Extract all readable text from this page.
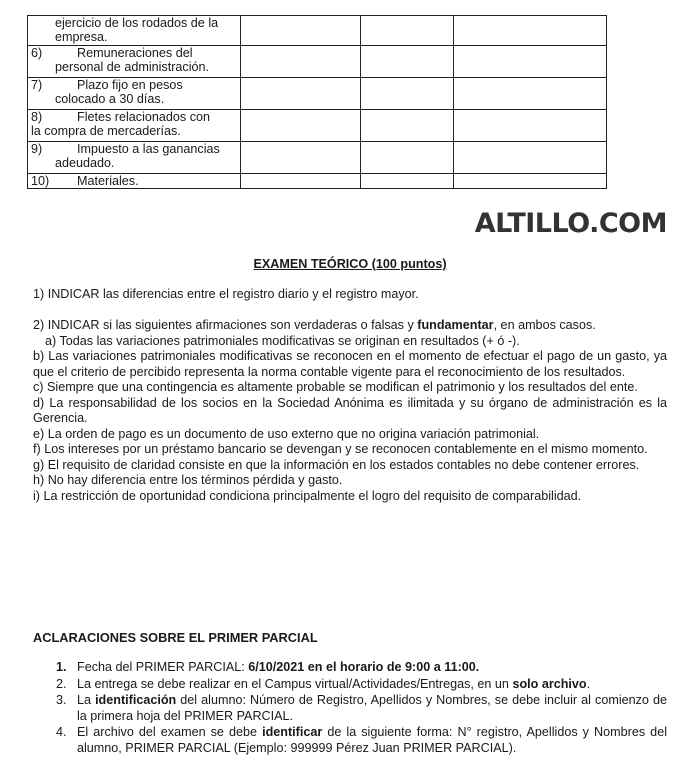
ejercicio de los rodados de la
empresa.			

6) Remuneraciones del
personal de administración.			

7) Plazo fijo en pesos
colocado a 30 días.			

8) Fletes relacionados con
la compra de mercaderías.			

9) Impuesto a las ganancias
adeudado.			

10) Materiales.			

ALTILLO.COM
EXAMEN TEÓRICO (100 puntos)
1) INDICAR las diferencias entre el registro diario y el registro mayor.
2) INDICAR si las siguientes afirmaciones son verdaderas o falsas y fundamentar, en ambos casos.
a) Todas las variaciones patrimoniales modificativas se originan en resultados (+ ó -).
b) Las variaciones patrimoniales modificativas se reconocen en el momento de efectuar el pago de un gasto, ya que el criterio de percibido representa la norma contable vigente para el reconocimiento de los resultados.
c) Siempre que una contingencia es altamente probable se modifican el patrimonio y los resultados del ente.
d) La responsabilidad de los socios en la Sociedad Anónima es ilimitada y su órgano de administración es la Gerencia.
e) La orden de pago es un documento de uso externo que no origina variación patrimonial.
f) Los intereses por un préstamo bancario se devengan y se reconocen contablemente en el mismo momento.
g) El requisito de claridad consiste en que la información en los estados contables no debe contener errores.
h) No hay diferencia entre los términos pérdida y gasto.
i) La restricción de oportunidad condiciona principalmente el logro del requisito de comparabilidad.
ACLARACIONES SOBRE EL PRIMER PARCIAL
1. Fecha del PRIMER PARCIAL: 6/10/2021 en el horario de 9:00 a 11:00.
2. La entrega se debe realizar en el Campus virtual/Actividades/Entregas, en un solo archivo.
3. La identificación del alumno: Número de Registro, Apellidos y Nombres, se debe incluir al comienzo de la primera hoja del PRIMER PARCIAL.
4. El archivo del examen se debe identificar de la siguiente forma: N° registro, Apellidos y Nombres del alumno, PRIMER PARCIAL (Ejemplo: 999999 Pérez Juan PRIMER PARCIAL).
